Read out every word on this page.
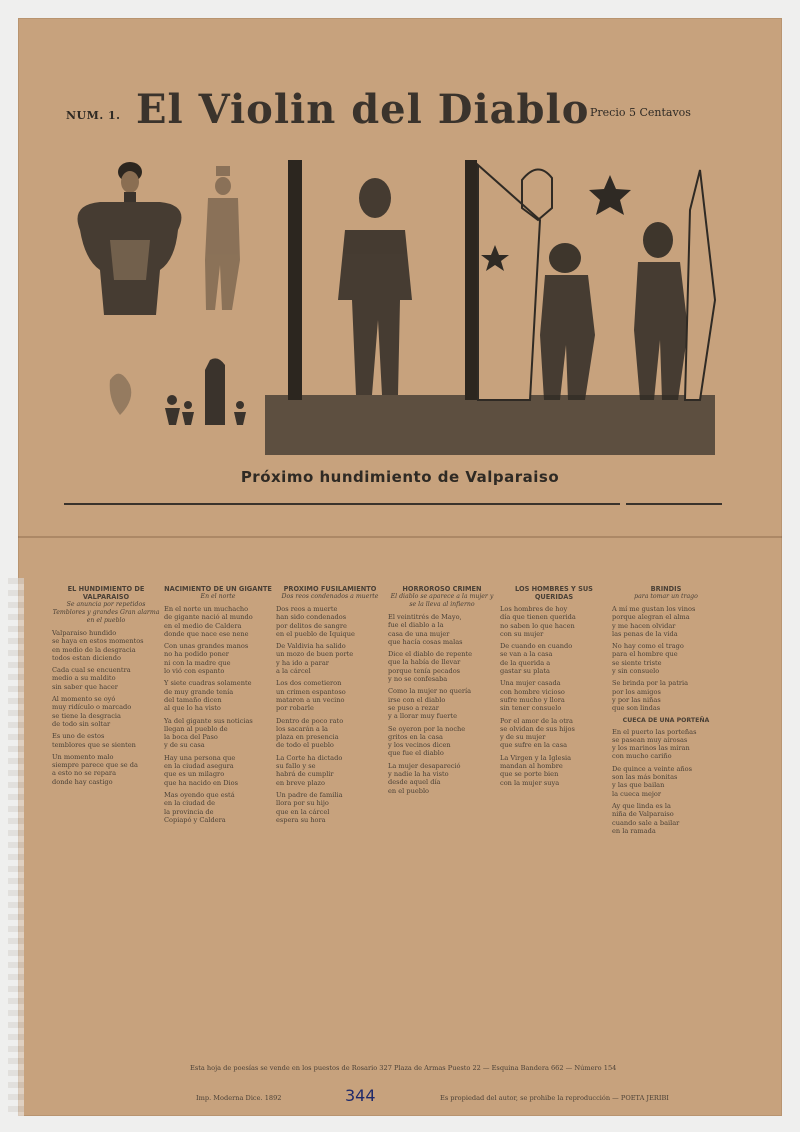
NUM. 1. El Violin del Diablo Precio 5 Centavos
Próximo hundimiento de Valparaiso
EL HUNDIMIENTO DE VALPARAISO
Se anuncia por repetidos Temblores y grandes Gran alarma en el pueblo

Valparaiso hundido
se haya en estos momentos
en medio de la desgracia
todos estan diciendo

Cada cual se encuentra
medio a su maldito
sin saber que hacer

Al momento se oyó
muy ridículo o marcado
se tiene la desgracia
de todo sin soltar

Es uno de estos
temblores que se sienten

Un momento malo
siempre parece que se da
a esto no se repara
donde hay castigo

NACIMIENTO DE UN GIGANTE
En el norte

En el norte un muchacho
de gigante nació al mundo
en el medio de Caldera
donde que nace ese nene

Con unas grandes manos
no ha podido poner
ni con la madre que
lo vió con espanto

Y siete cuadras solamente
de muy grande tenía
del tamaño dicen
al que lo ha visto

Ya del gigante sus noticias
llegan al pueblo de
la boca del Paso
y de su casa

Hay una persona que
en la ciudad asegura
que es un milagro
que ha nacido en Dios

Mas oyendo que está
en la ciudad de
la provincia de
Copiapó y Caldera

PROXIMO FUSILAMIENTO
Dos reos condenados a muerte

Dos reos a muerte
han sido condenados
por delitos de sangre
en el pueblo de Iquique

De Valdivia ha salido
un mozo de buen porte
y ha ido a parar
a la cárcel

Los dos cometieron
un crimen espantoso
mataron a un vecino
por robarle

Dentro de poco rato
los sacarán a la
plaza en presencia
de todo el pueblo

La Corte ha dictado
su fallo y se
habrá de cumplir
en breve plazo

Un padre de familia
llora por su hijo
que en la cárcel
espera su hora

HORROROSO CRIMEN
El diablo se aparece a la mujer y se la lleva al infierno

El veintitrés de Mayo,
fue el diablo a la
casa de una mujer
que hacía cosas malas

Dice el diablo de repente
que la había de llevar
porque tenía pecados
y no se confesaba

Como la mujer no quería
irse con el diablo
se puso a rezar
y a llorar muy fuerte

Se oyeron por la noche
gritos en la casa
y los vecinos dicen
que fue el diablo

La mujer desapareció
y nadie la ha visto
desde aquel día
en el pueblo

LOS HOMBRES Y SUS QUERIDAS

Los hombres de hoy
día que tienen querida
no saben lo que hacen
con su mujer

De cuando en cuando
se van a la casa
de la querida a
gastar su plata

Una mujer casada
con hombre vicioso
sufre mucho y llora
sin tener consuelo

Por el amor de la otra
se olvidan de sus hijos
y de su mujer
que sufre en la casa

La Virgen y la Iglesia
mandan al hombre
que se porte bien
con la mujer suya

BRINDIS
para tomar un trago

A mí me gustan los vinos
porque alegran el alma
y me hacen olvidar
las penas de la vida

No hay como el trago
para el hombre que
se siente triste
y sin consuelo

Se brinda por la patria
por los amigos
y por las niñas
que son lindas

CUECA DE UNA PORTEÑA

En el puerto las porteñas
se pasean muy airosas
y los marinos las miran
con mucho cariño

De quince a veinte años
son las más bonitas
y las que bailan
la cueca mejor

Ay que linda es la
niña de Valparaiso
cuando sale a bailar
en la ramada

Esta hoja de poesías se vende en los puestos de Rosario 327 Plaza de Armas Puesto 22 — Esquina Bandera 662 — Número 154
Imp. Moderna Dice. 1892	Es propiedad del autor, se prohibe la reproducción — POETA JERIBI
344
